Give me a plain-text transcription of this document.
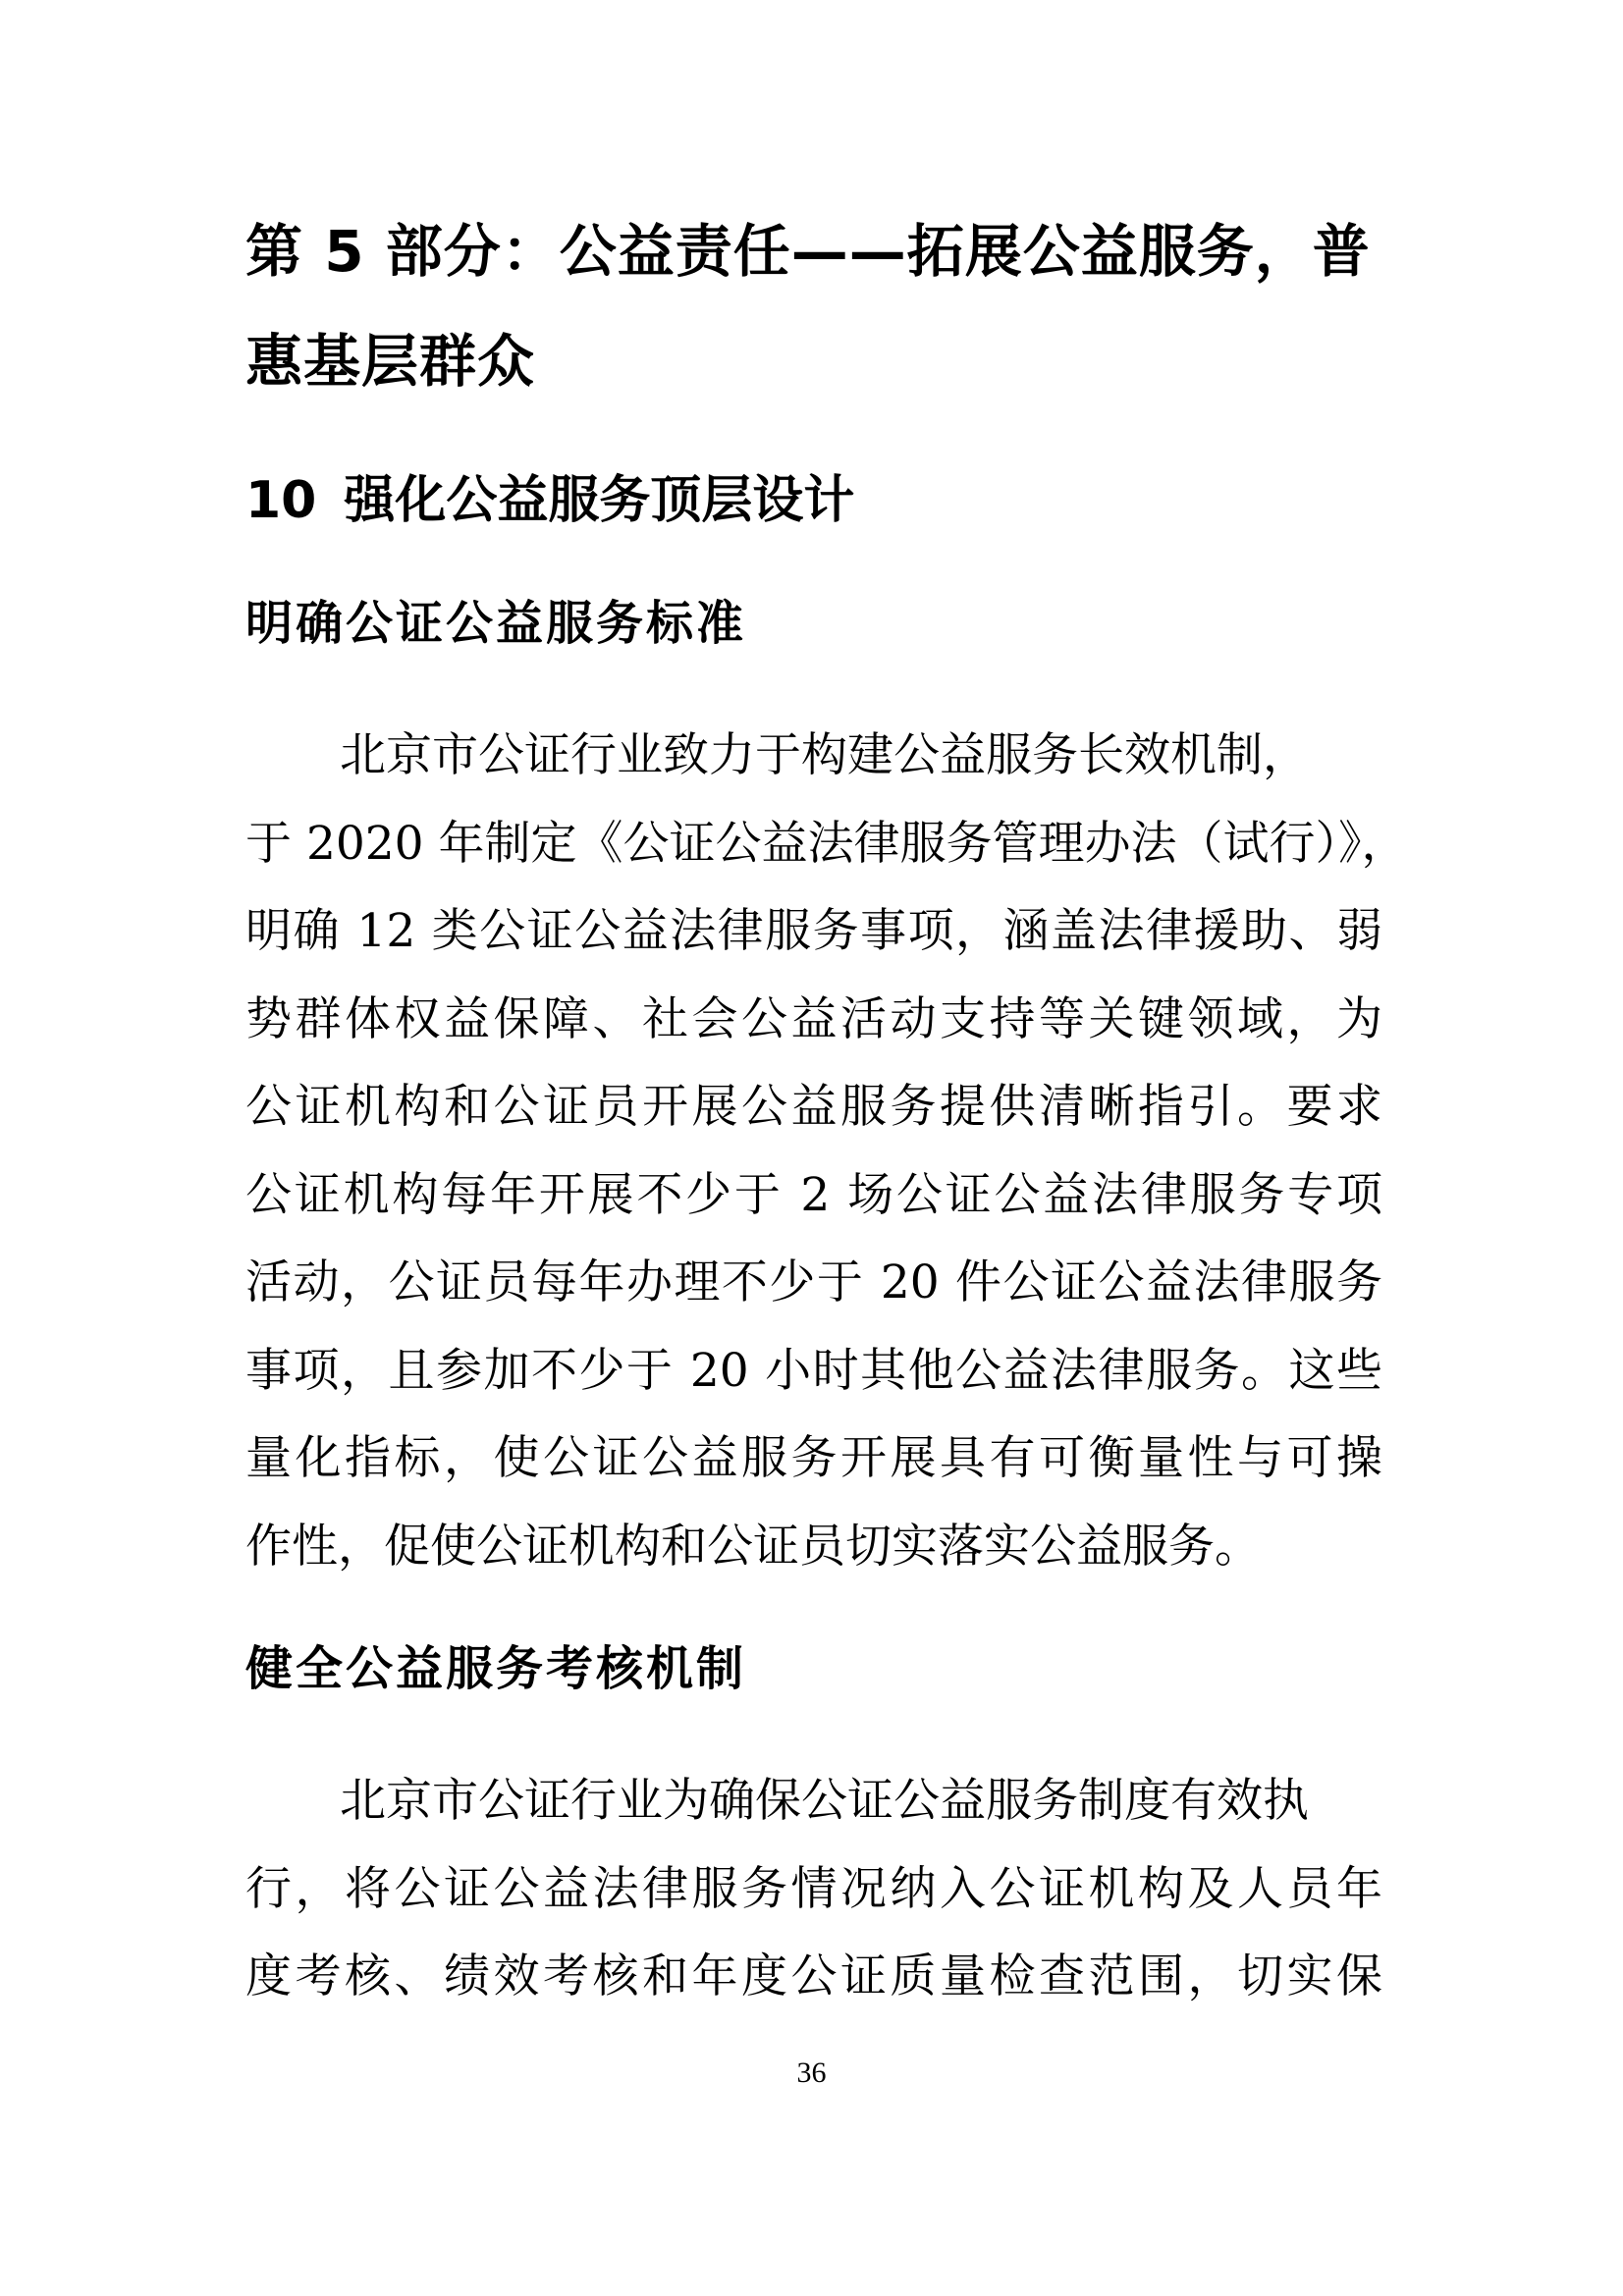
第 5 部分：公益责任——拓展公益服务，普惠基层群众
10 强化公益服务顶层设计
明确公证公益服务标准
北京市公证行业致力于构建公益服务长效机制，
于 2020 年制定《公证公益法律服务管理办法（试行）》，
明确 12 类公证公益法律服务事项，涵盖法律援助、弱
势群体权益保障、社会公益活动支持等关键领域，为
公证机构和公证员开展公益服务提供清晰指引。要求
公证机构每年开展不少于 2 场公证公益法律服务专项
活动，公证员每年办理不少于 20 件公证公益法律服务
事项，且参加不少于 20 小时其他公益法律服务。这些
量化指标，使公证公益服务开展具有可衡量性与可操
作性，促使公证机构和公证员切实落实公益服务。
健全公益服务考核机制
北京市公证行业为确保公证公益服务制度有效执
行，将公证公益法律服务情况纳入公证机构及人员年
度考核、绩效考核和年度公证质量检查范围，切实保
36
